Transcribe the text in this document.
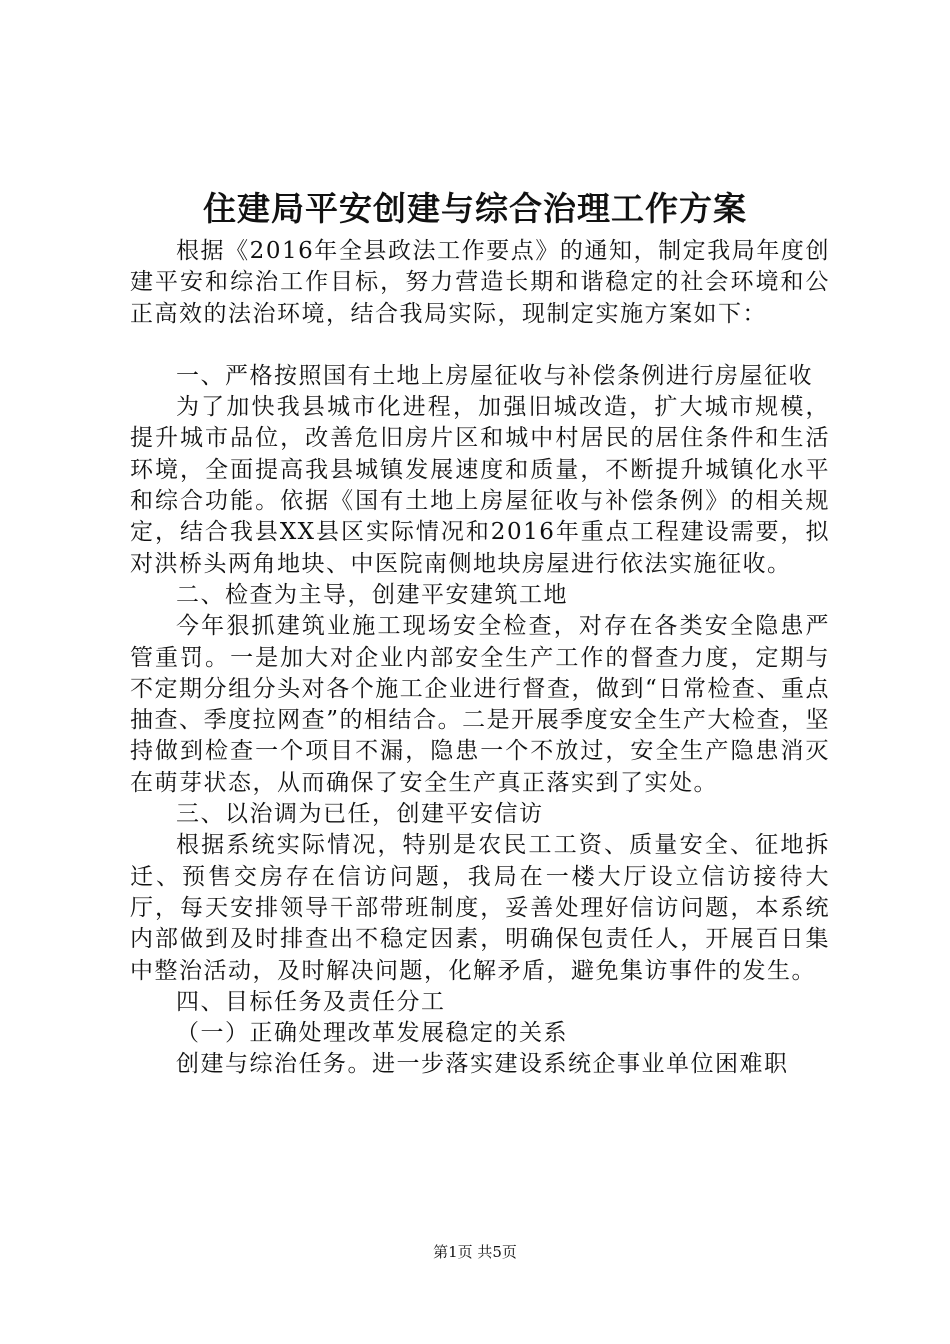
住建局平安创建与综合治理工作方案

根据《2016年全县政法工作要点》的通知，制定我局年度创建平安和综治工作目标，努力营造长期和谐稳定的社会环境和公正高效的法治环境，结合我局实际，现制定实施方案如下：

一、严格按照国有土地上房屋征收与补偿条例进行房屋征收

为了加快我县城市化进程，加强旧城改造，扩大城市规模，提升城市品位，改善危旧房片区和城中村居民的居住条件和生活环境，全面提高我县城镇发展速度和质量，不断提升城镇化水平和综合功能。依据《国有土地上房屋征收与补偿条例》的相关规定，结合我县XX县区实际情况和2016年重点工程建设需要，拟对洪桥头两角地块、中医院南侧地块房屋进行依法实施征收。

二、检查为主导，创建平安建筑工地

今年狠抓建筑业施工现场安全检查，对存在各类安全隐患严管重罚。一是加大对企业内部安全生产工作的督查力度，定期与不定期分组分头对各个施工企业进行督查，做到“日常检查、重点抽查、季度拉网查”的相结合。二是开展季度安全生产大检查，坚持做到检查一个项目不漏，隐患一个不放过，安全生产隐患消灭在萌芽状态，从而确保了安全生产真正落实到了实处。

三、以治调为已任，创建平安信访

根据系统实际情况，特别是农民工工资、质量安全、征地拆迁、预售交房存在信访问题，我局在一楼大厅设立信访接待大厅，每天安排领导干部带班制度，妥善处理好信访问题，本系统内部做到及时排查出不稳定因素，明确保包责任人，开展百日集中整治活动，及时解决问题，化解矛盾，避免集访事件的发生。

四、目标任务及责任分工

（一）正确处理改革发展稳定的关系

创建与综治任务。进一步落实建设系统企事业单位困难职

第1页 共5页
